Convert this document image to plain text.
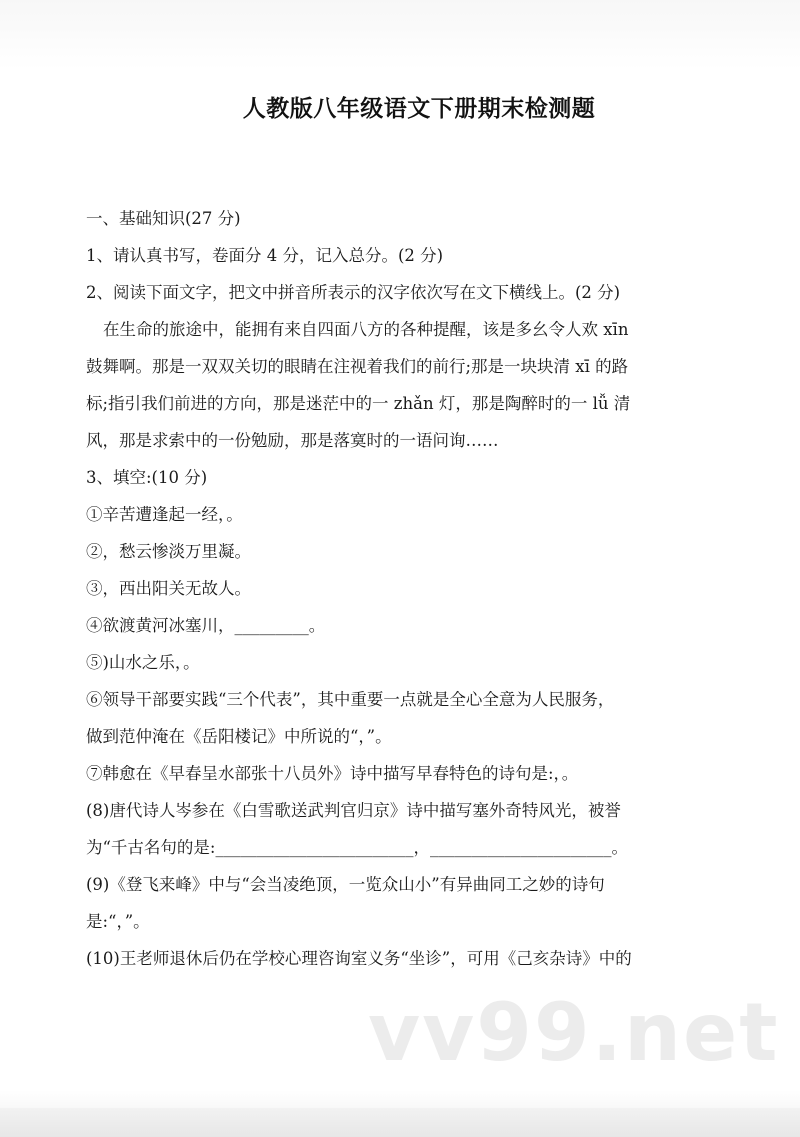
人教版八年级语文下册期末检测题

一、基础知识(27 分)

1、请认真书写，卷面分 4 分，记入总分。(2 分)

2、阅读下面文字，把文中拼音所表示的汉字依次写在文下横线上。(2 分)

在生命的旅途中，能拥有来自四面八方的各种提醒，该是多幺令人欢 xīn

鼓舞啊。那是一双双关切的眼睛在注视着我们的前行;那是一块块清 xī 的路

标;指引我们前进的方向，那是迷茫中的一 zhǎn 灯，那是陶醉时的一 lǚ 清

风，那是求索中的一份勉励，那是落寞时的一语问询……

3、填空:(10 分)

①辛苦遭逢起一经，。

②，愁云惨淡万里凝。

③，西出阳关无故人。

④欲渡黄河冰塞川，_________。

⑤)山水之乐，。

⑥领导干部要实践“三个代表”，其中重要一点就是全心全意为人民服务，

做到范仲淹在《岳阳楼记》中所说的“，”。

⑦韩愈在《早春呈水部张十八员外》诗中描写早春特色的诗句是:，。

(8)唐代诗人岑参在《白雪歌送武判官归京》诗中描写塞外奇特风光，被誉

为“千古名句的是:________________________，______________________。

(9)《登飞来峰》中与“会当凌绝顶，一览众山小”有异曲同工之妙的诗句

是:“，”。

(10)王老师退休后仍在学校心理咨询室义务“坐诊”，可用《己亥杂诗》中的

vv99.net
